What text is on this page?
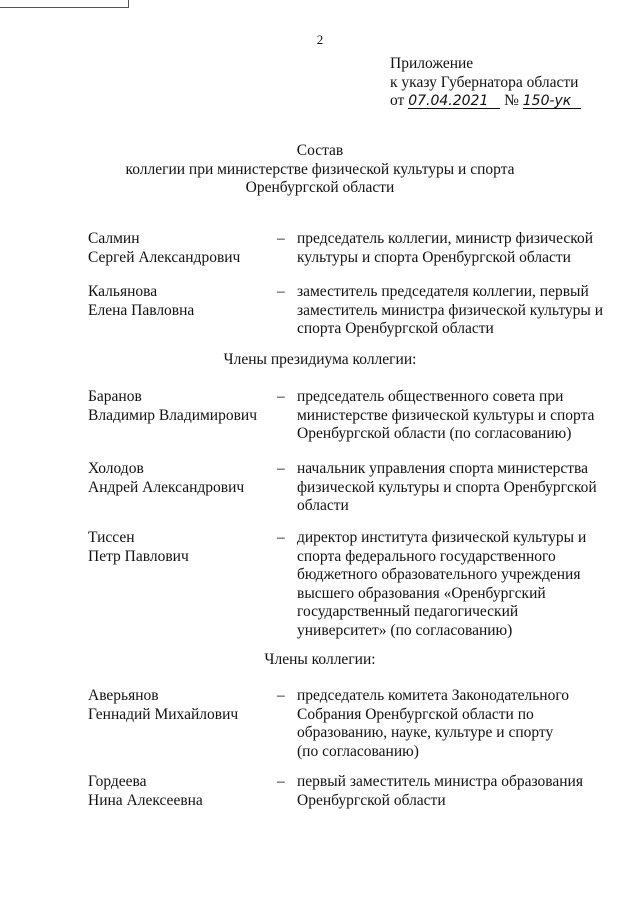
2
Приложение
к указу Губернатора области
от 07.04.2021 № 150-ук
Состав
коллегии при министерстве физической культуры и спорта
Оренбургской области
Салмин
Сергей Александрович
– председатель коллегии, министр физической
культуры и спорта Оренбургской области
Кальянова
Елена Павловна
– заместитель председателя коллегии, первый
заместитель министра физической культуры и
спорта Оренбургской области
Члены президиума коллегии:
Баранов
Владимир Владимирович
– председатель общественного совета при
министерстве физической культуры и спорта
Оренбургской области (по согласованию)
Холодов
Андрей Александрович
– начальник управления спорта министерства
физической культуры и спорта Оренбургской
области
Тиссен
Петр Павлович
– директор института физической культуры и
спорта федерального государственного
бюджетного образовательного учреждения
высшего образования «Оренбургский
государственный педагогический
университет» (по согласованию)
Члены коллегии:
Аверьянов
Геннадий Михайлович
– председатель комитета Законодательного
Собрания Оренбургской области по
образованию, науке, культуре и спорту
(по согласованию)
Гордеева
Нина Алексеевна
– первый заместитель министра образования
Оренбургской области
